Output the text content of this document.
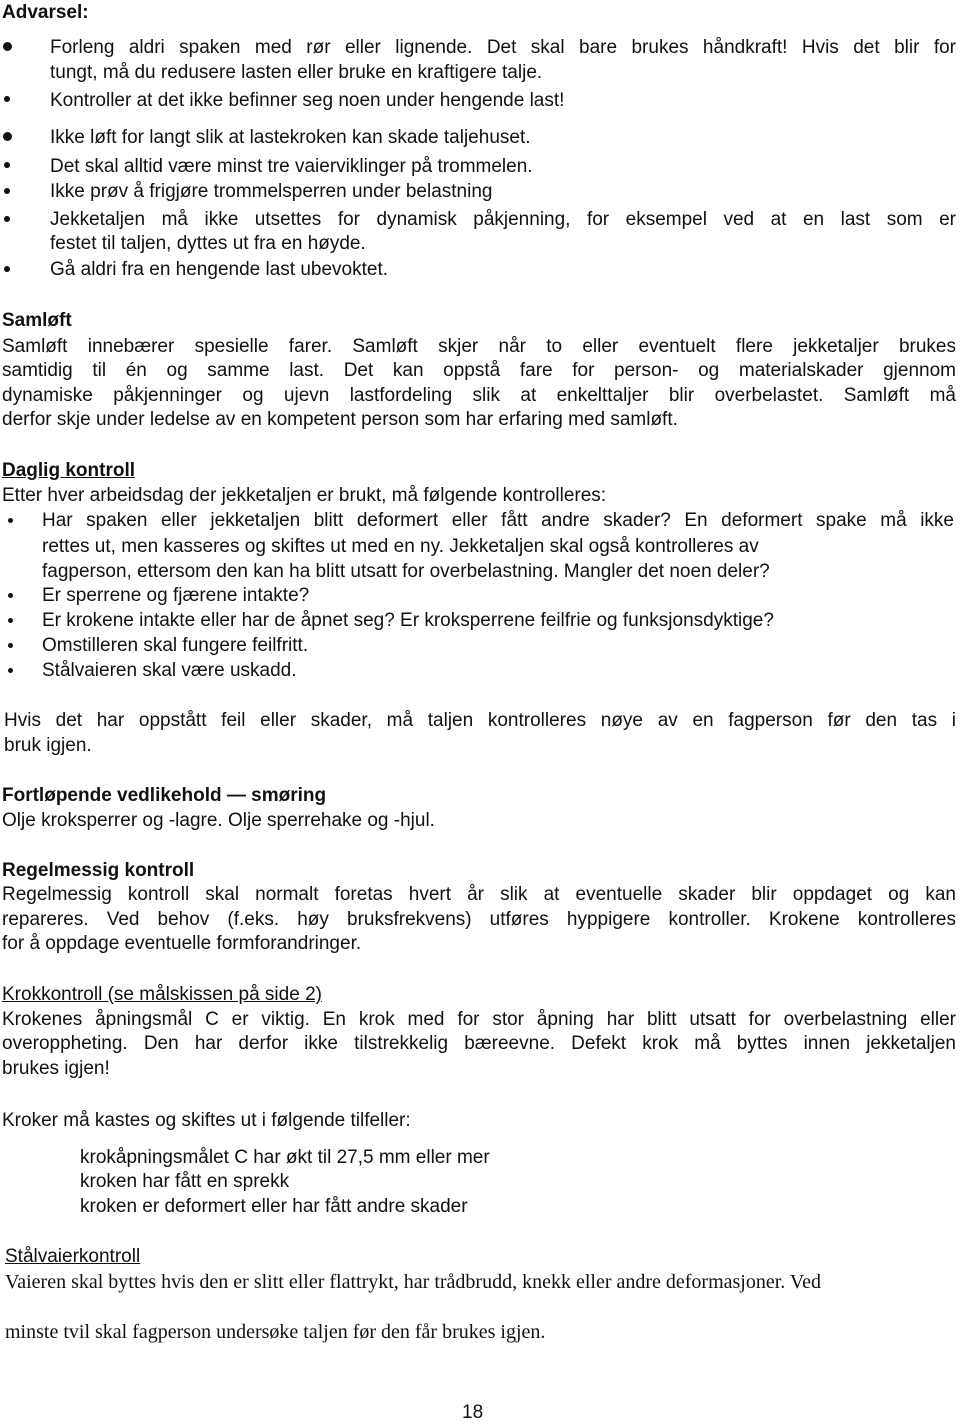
Advarsel:
Forleng aldri spaken med rør eller lignende. Det skal bare brukes håndkraft! Hvis det blir for
tungt, må du redusere lasten eller bruke en kraftigere talje.
Kontroller at det ikke befinner seg noen under hengende last!
Ikke løft for langt slik at lastekroken kan skade taljehuset.
Det skal alltid være minst tre vaierviklinger på trommelen.
Ikke prøv å frigjøre trommelsperren under belastning
Jekketaljen må ikke utsettes for dynamisk påkjenning, for eksempel ved at en last som er
festet til taljen, dyttes ut fra en høyde.
Gå aldri fra en hengende last ubevoktet.
Samløft
Samløft innebærer spesielle farer. Samløft skjer når to eller eventuelt flere jekketaljer brukes
samtidig til én og samme last. Det kan oppstå fare for person- og materialskader gjennom
dynamiske påkjenninger og ujevn lastfordeling slik at enkelttaljer blir overbelastet. Samløft må
derfor skje under ledelse av en kompetent person som har erfaring med samløft.
Daglig kontroll
Etter hver arbeidsdag der jekketaljen er brukt, må følgende kontrolleres:
Har spaken eller jekketaljen blitt deformert eller fått andre skader? En deformert spake må ikke
rettes ut, men kasseres og skiftes ut med en ny. Jekketaljen skal også kontrolleres av
fagperson, ettersom den kan ha blitt utsatt for overbelastning. Mangler det noen deler?
Er sperrene og fjærene intakte?
Er krokene intakte eller har de åpnet seg? Er kroksperrene feilfrie og funksjonsdyktige?
Omstilleren skal fungere feilfritt.
Stålvaieren skal være uskadd.
Hvis det har oppstått feil eller skader, må taljen kontrolleres nøye av en fagperson før den tas i
bruk igjen.
Fortløpende vedlikehold — smøring
Olje kroksperrer og -lagre. Olje sperrehake og -hjul.
Regelmessig kontroll
Regelmessig kontroll skal normalt foretas hvert år slik at eventuelle skader blir oppdaget og kan
repareres. Ved behov (f.eks. høy bruksfrekvens) utføres hyppigere kontroller. Krokene kontrolleres
for å oppdage eventuelle formforandringer.
Krokkontroll (se målskissen på side 2)
Krokenes åpningsmål C er viktig. En krok med for stor åpning har blitt utsatt for overbelastning eller
overoppheting. Den har derfor ikke tilstrekkelig bæreevne. Defekt krok må byttes innen jekketaljen
brukes igjen!
Kroker må kastes og skiftes ut i følgende tilfeller:
krokåpningsmålet C har økt til 27,5 mm eller mer
kroken har fått en sprekk
kroken er deformert eller har fått andre skader
Stålvaierkontroll
Vaieren skal byttes hvis den er slitt eller flattrykt, har trådbrudd, knekk eller andre deformasjoner. Ved
minste tvil skal fagperson undersøke taljen før den får brukes igjen.
18
